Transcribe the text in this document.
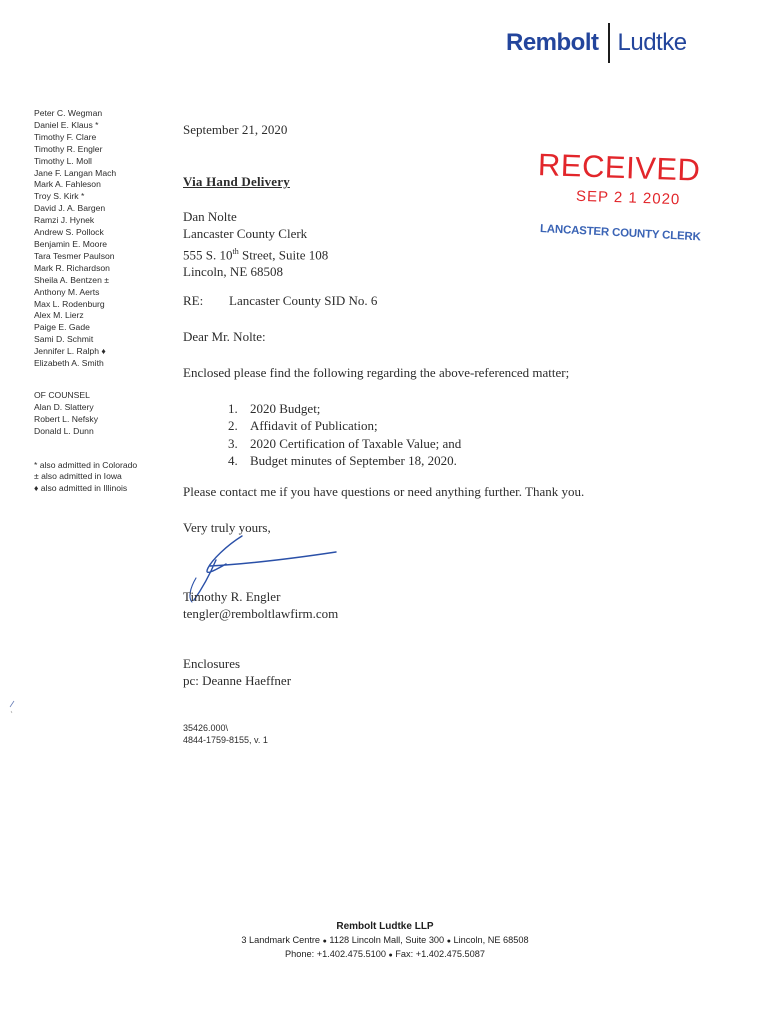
Rembolt Ludtke
Peter C. Wegman
Daniel E. Klaus *
Timothy F. Clare
Timothy R. Engler
Timothy L. Moll
Jane F. Langan Mach
Mark A. Fahleson
Troy S. Kirk *
David J. A. Bargen
Ramzi J. Hynek
Andrew S. Pollock
Benjamin E. Moore
Tara Tesmer Paulson
Mark R. Richardson
Sheila A. Bentzen ±
Anthony M. Aerts
Max L. Rodenburg
Alex M. Lierz
Paige E. Gade
Sami D. Schmit
Jennifer L. Ralph ♦
Elizabeth A. Smith
OF COUNSEL
Alan D. Slattery
Robert L. Nefsky
Donald L. Dunn
* also admitted in Colorado
± also admitted in Iowa
♦ also admitted in Illinois
September 21, 2020
Via Hand Delivery
Dan Nolte
Lancaster County Clerk
555 S. 10th Street, Suite 108
Lincoln, NE 68508
RE: Lancaster County SID No. 6
Dear Mr. Nolte:
Enclosed please find the following regarding the above-referenced matter;
1. 2020 Budget;
2. Affidavit of Publication;
3. 2020 Certification of Taxable Value; and
4. Budget minutes of September 18, 2020.
Please contact me if you have questions or need anything further. Thank you.
Very truly yours,
Timothy R. Engler
tengler@remboltlawfirm.com
Enclosures
pc: Deanne Haeffner
35426.000\
4844-1759-8155, v. 1
RECEIVED
SEP 2 1 2020
LANCASTER COUNTY CLERK
Rembolt Ludtke LLP
3 Landmark Centre ● 1128 Lincoln Mall, Suite 300 ● Lincoln, NE 68508
Phone: +1.402.475.5100 ● Fax: +1.402.475.5087
